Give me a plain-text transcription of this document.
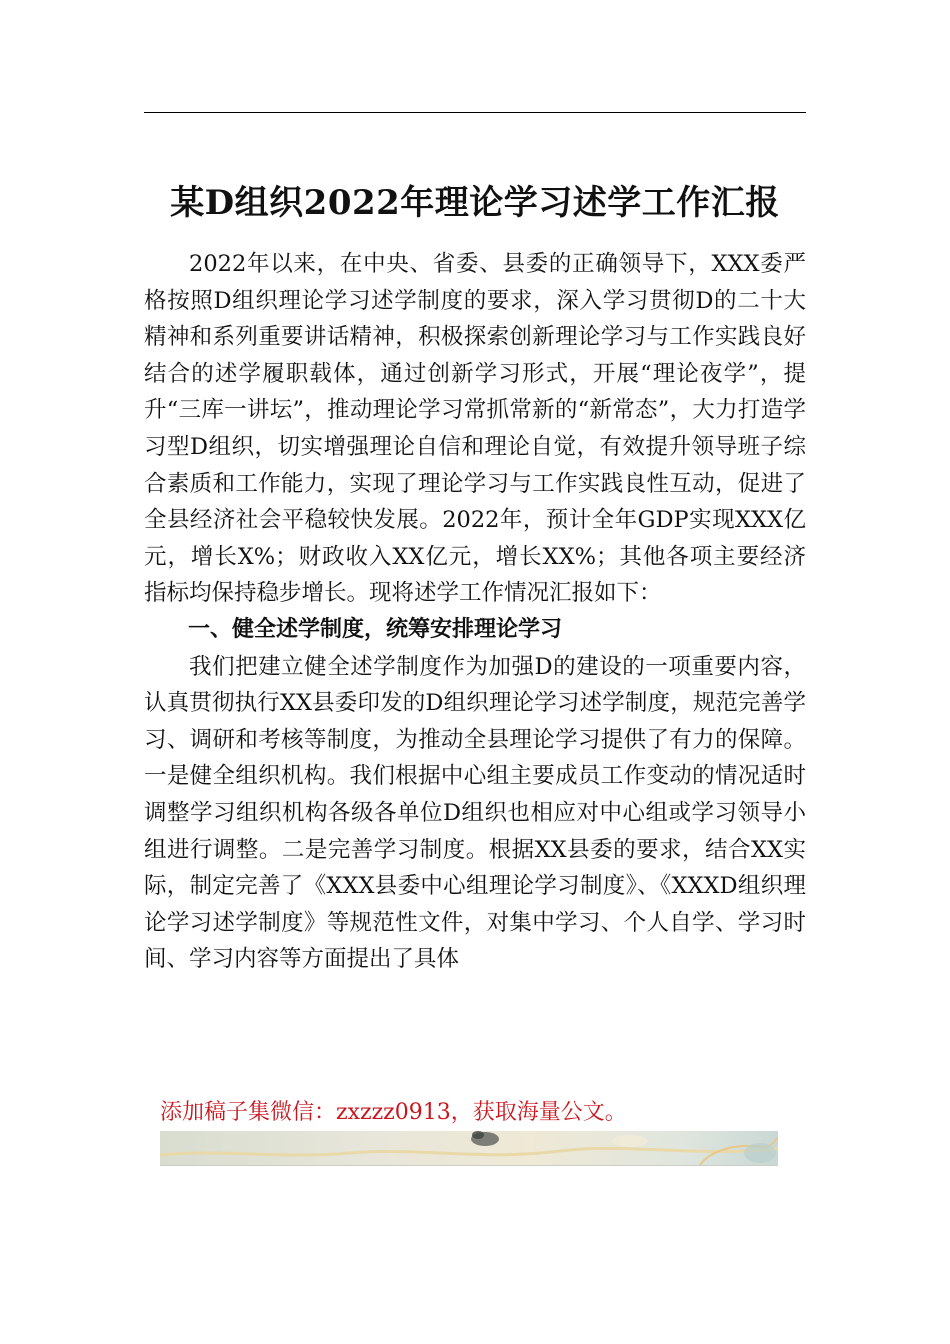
某D组织2022年理论学习述学工作汇报

2022年以来，在中央、省委、县委的正确领导下，XXX委严格按照D组织理论学习述学制度的要求，深入学习贯彻D的二十大精神和系列重要讲话精神，积极探索创新理论学习与工作实践良好结合的述学履职载体，通过创新学习形式，开展“理论夜学”，提升“三库一讲坛”，推动理论学习常抓常新的“新常态”，大力打造学习型D组织，切实增强理论自信和理论自觉，有效提升领导班子综合素质和工作能力，实现了理论学习与工作实践良性互动，促进了全县经济社会平稳较快发展。2022年，预计全年GDP实现XXX亿元，增长X%；财政收入XX亿元，增长XX%；其他各项主要经济指标均保持稳步增长。现将述学工作情况汇报如下：

一、健全述学制度，统筹安排理论学习

我们把建立健全述学制度作为加强D的建设的一项重要内容，认真贯彻执行XX县委印发的D组织理论学习述学制度，规范完善学习、调研和考核等制度，为推动全县理论学习提供了有力的保障。一是健全组织机构。我们根据中心组主要成员工作变动的情况适时调整学习组织机构各级各单位D组织也相应对中心组或学习领导小组进行调整。二是完善学习制度。根据XX县委的要求，结合XX实际，制定完善了《XXX县委中心组理论学习制度》、《XXXD组织理论学习述学制度》等规范性文件，对集中学习、个人自学、学习时间、学习内容等方面提出了具体

添加稿子集微信：zxzzz0913，获取海量公文。
